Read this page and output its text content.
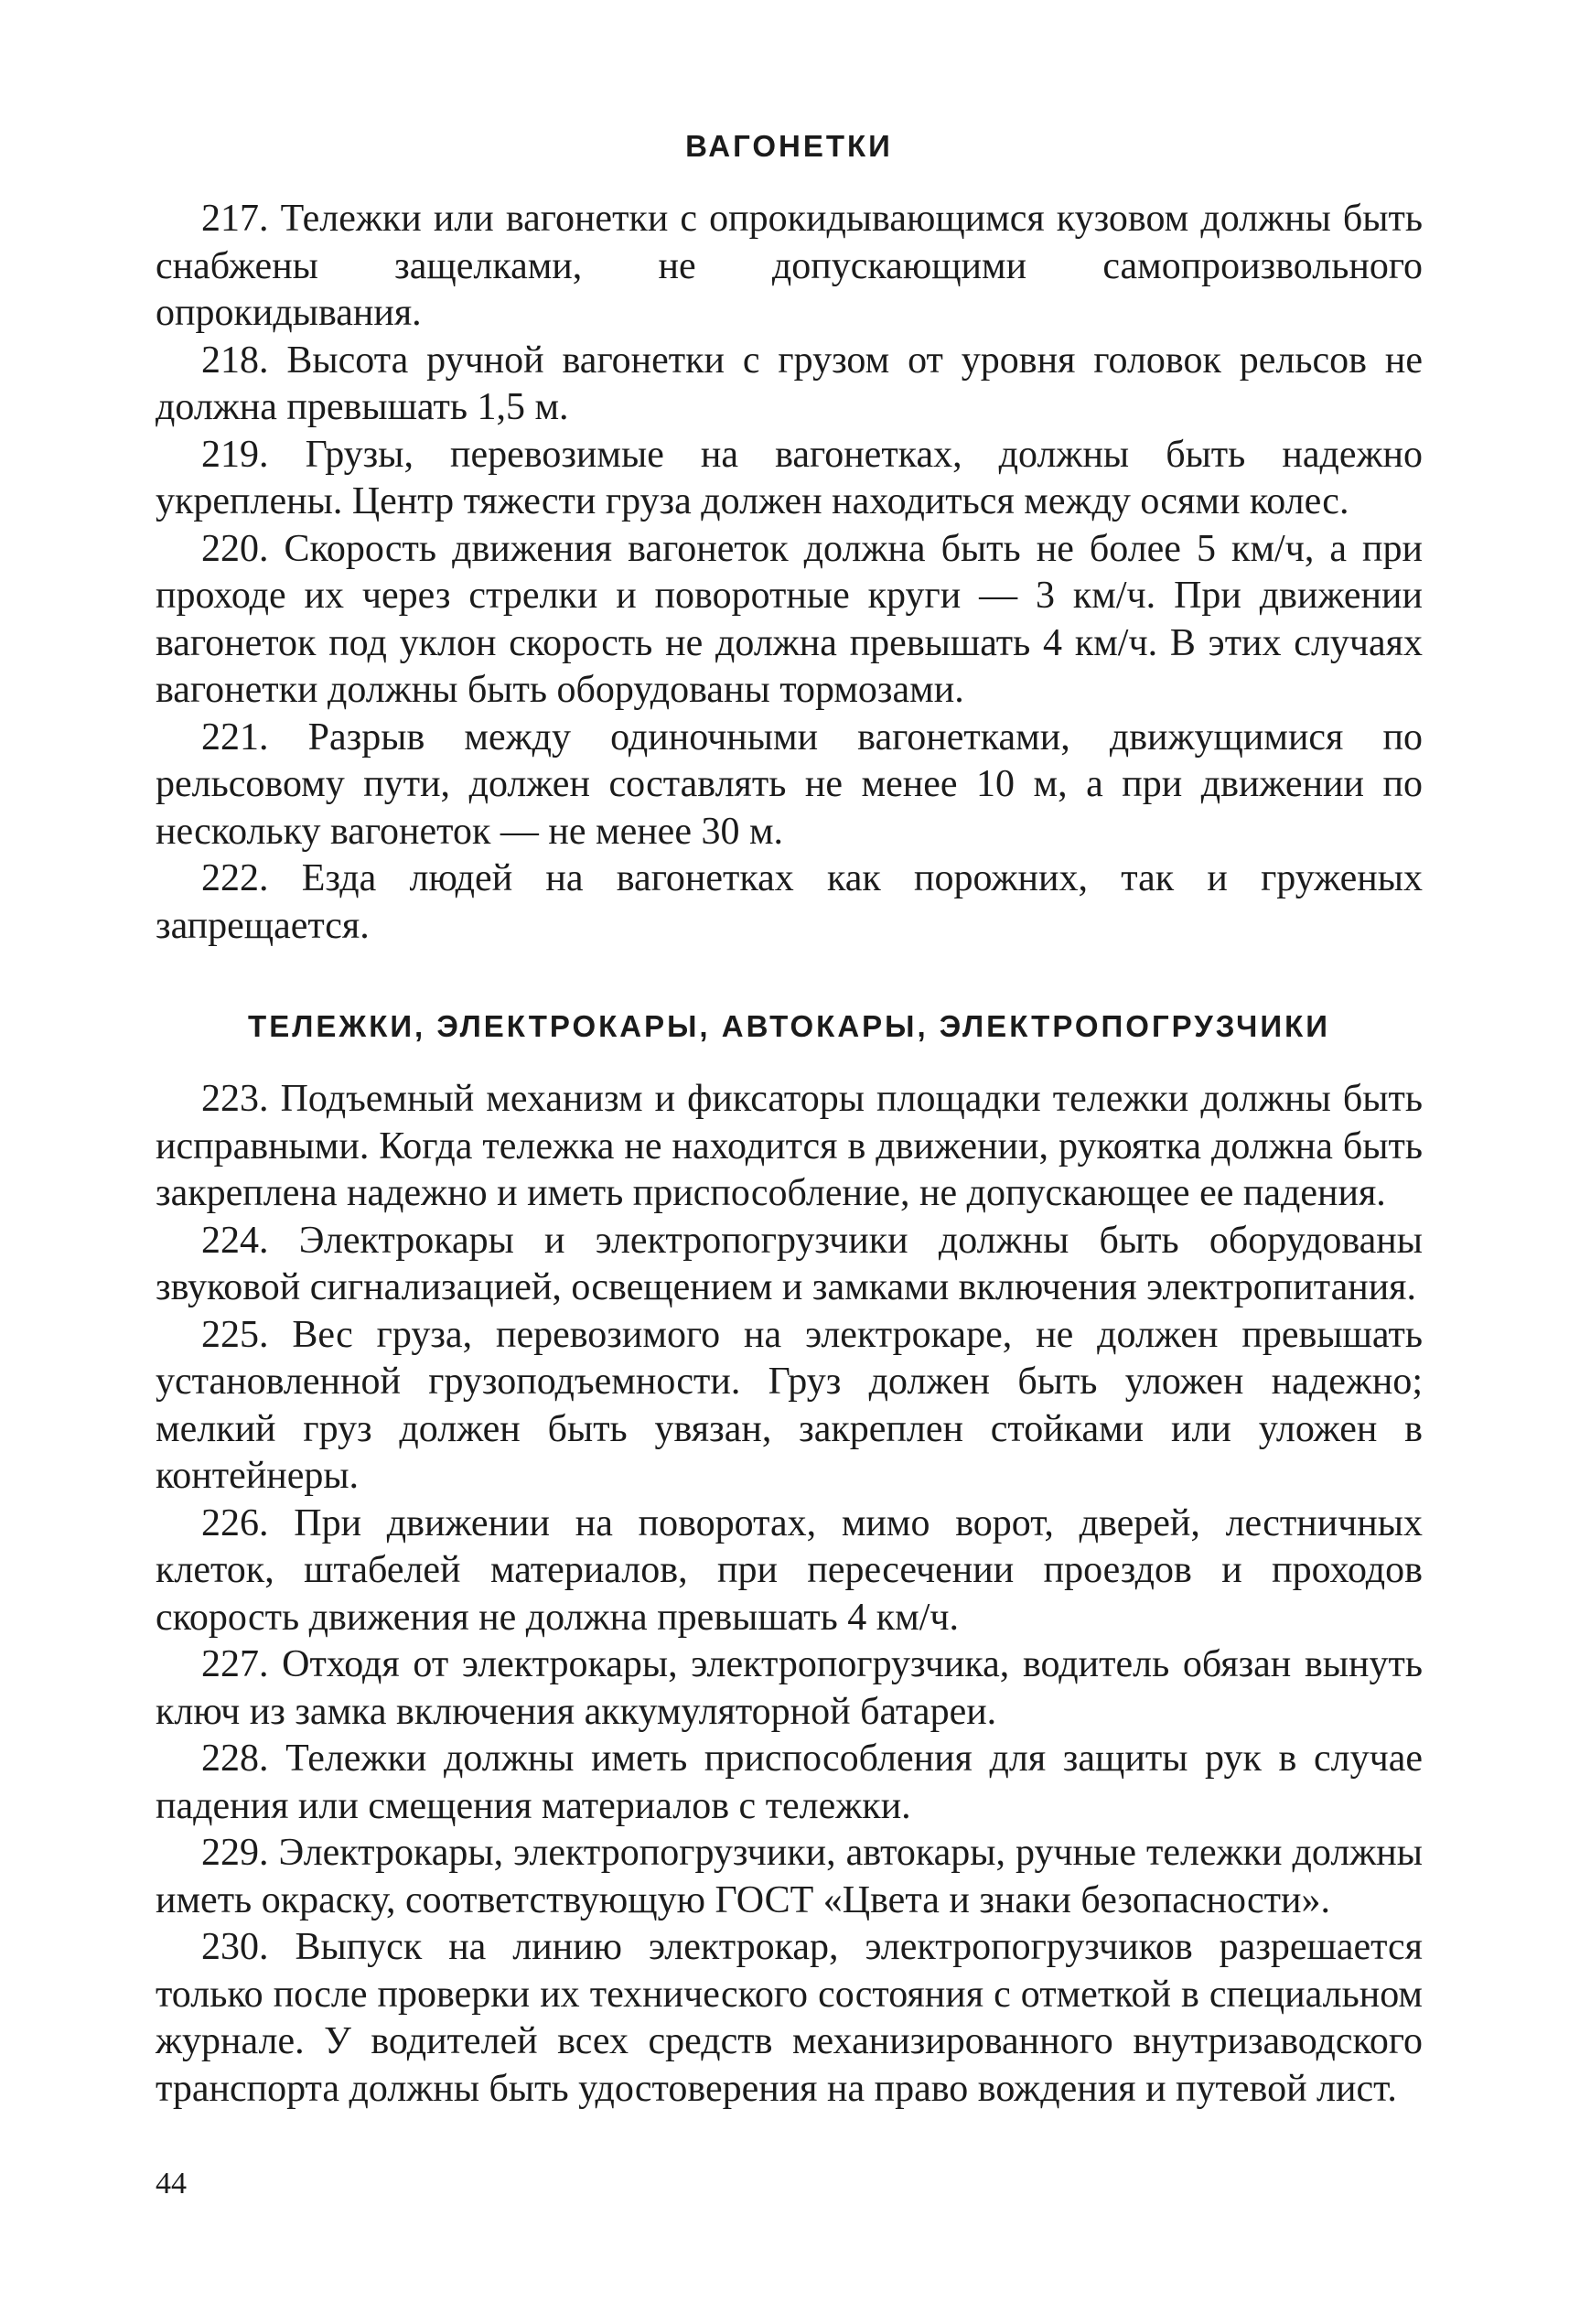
ВАГОНЕТКИ

217. Тележки или вагонетки с опрокидывающимся кузовом должны быть снабжены защелками, не допускающими самопроизвольного опрокидывания.

218. Высота ручной вагонетки с грузом от уровня головок рельсов не должна превышать 1,5 м.

219. Грузы, перевозимые на вагонетках, должны быть надежно укреплены. Центр тяжести груза должен находиться между осями колес.

220. Скорость движения вагонеток должна быть не более 5 км/ч, а при проходе их через стрелки и поворотные круги — 3 км/ч. При движении вагонеток под уклон скорость не должна превышать 4 км/ч. В этих случаях вагонетки должны быть оборудованы тормозами.

221. Разрыв между одиночными вагонетками, движущимися по рельсовому пути, должен составлять не менее 10 м, а при движении по нескольку вагонеток — не менее 30 м.

222. Езда людей на вагонетках как порожних, так и груженых запрещается.

ТЕЛЕЖКИ, ЭЛЕКТРОКАРЫ, АВТОКАРЫ, ЭЛЕКТРОПОГРУЗЧИКИ

223. Подъемный механизм и фиксаторы площадки тележки должны быть исправными. Когда тележка не находится в движении, рукоятка должна быть закреплена надежно и иметь приспособление, не допускающее ее падения.

224. Электрокары и электропогрузчики должны быть оборудованы звуковой сигнализацией, освещением и замками включения электропитания.

225. Вес груза, перевозимого на электрокаре, не должен превышать установленной грузоподъемности. Груз должен быть уложен надежно; мелкий груз должен быть увязан, закреплен стойками или уложен в контейнеры.

226. При движении на поворотах, мимо ворот, дверей, лестничных клеток, штабелей материалов, при пересечении проездов и проходов скорость движения не должна превышать 4 км/ч.

227. Отходя от электрокары, электропогрузчика, водитель обязан вынуть ключ из замка включения аккумуляторной батареи.

228. Тележки должны иметь приспособления для защиты рук в случае падения или смещения материалов с тележки.

229. Электрокары, электропогрузчики, автокары, ручные тележки должны иметь окраску, соответствующую ГОСТ «Цвета и знаки безопасности».

230. Выпуск на линию электрокар, электропогрузчиков разрешается только после проверки их технического состояния с отметкой в специальном журнале. У водителей всех средств механизированного внутризаводского транспорта должны быть удостоверения на право вождения и путевой лист.

44
